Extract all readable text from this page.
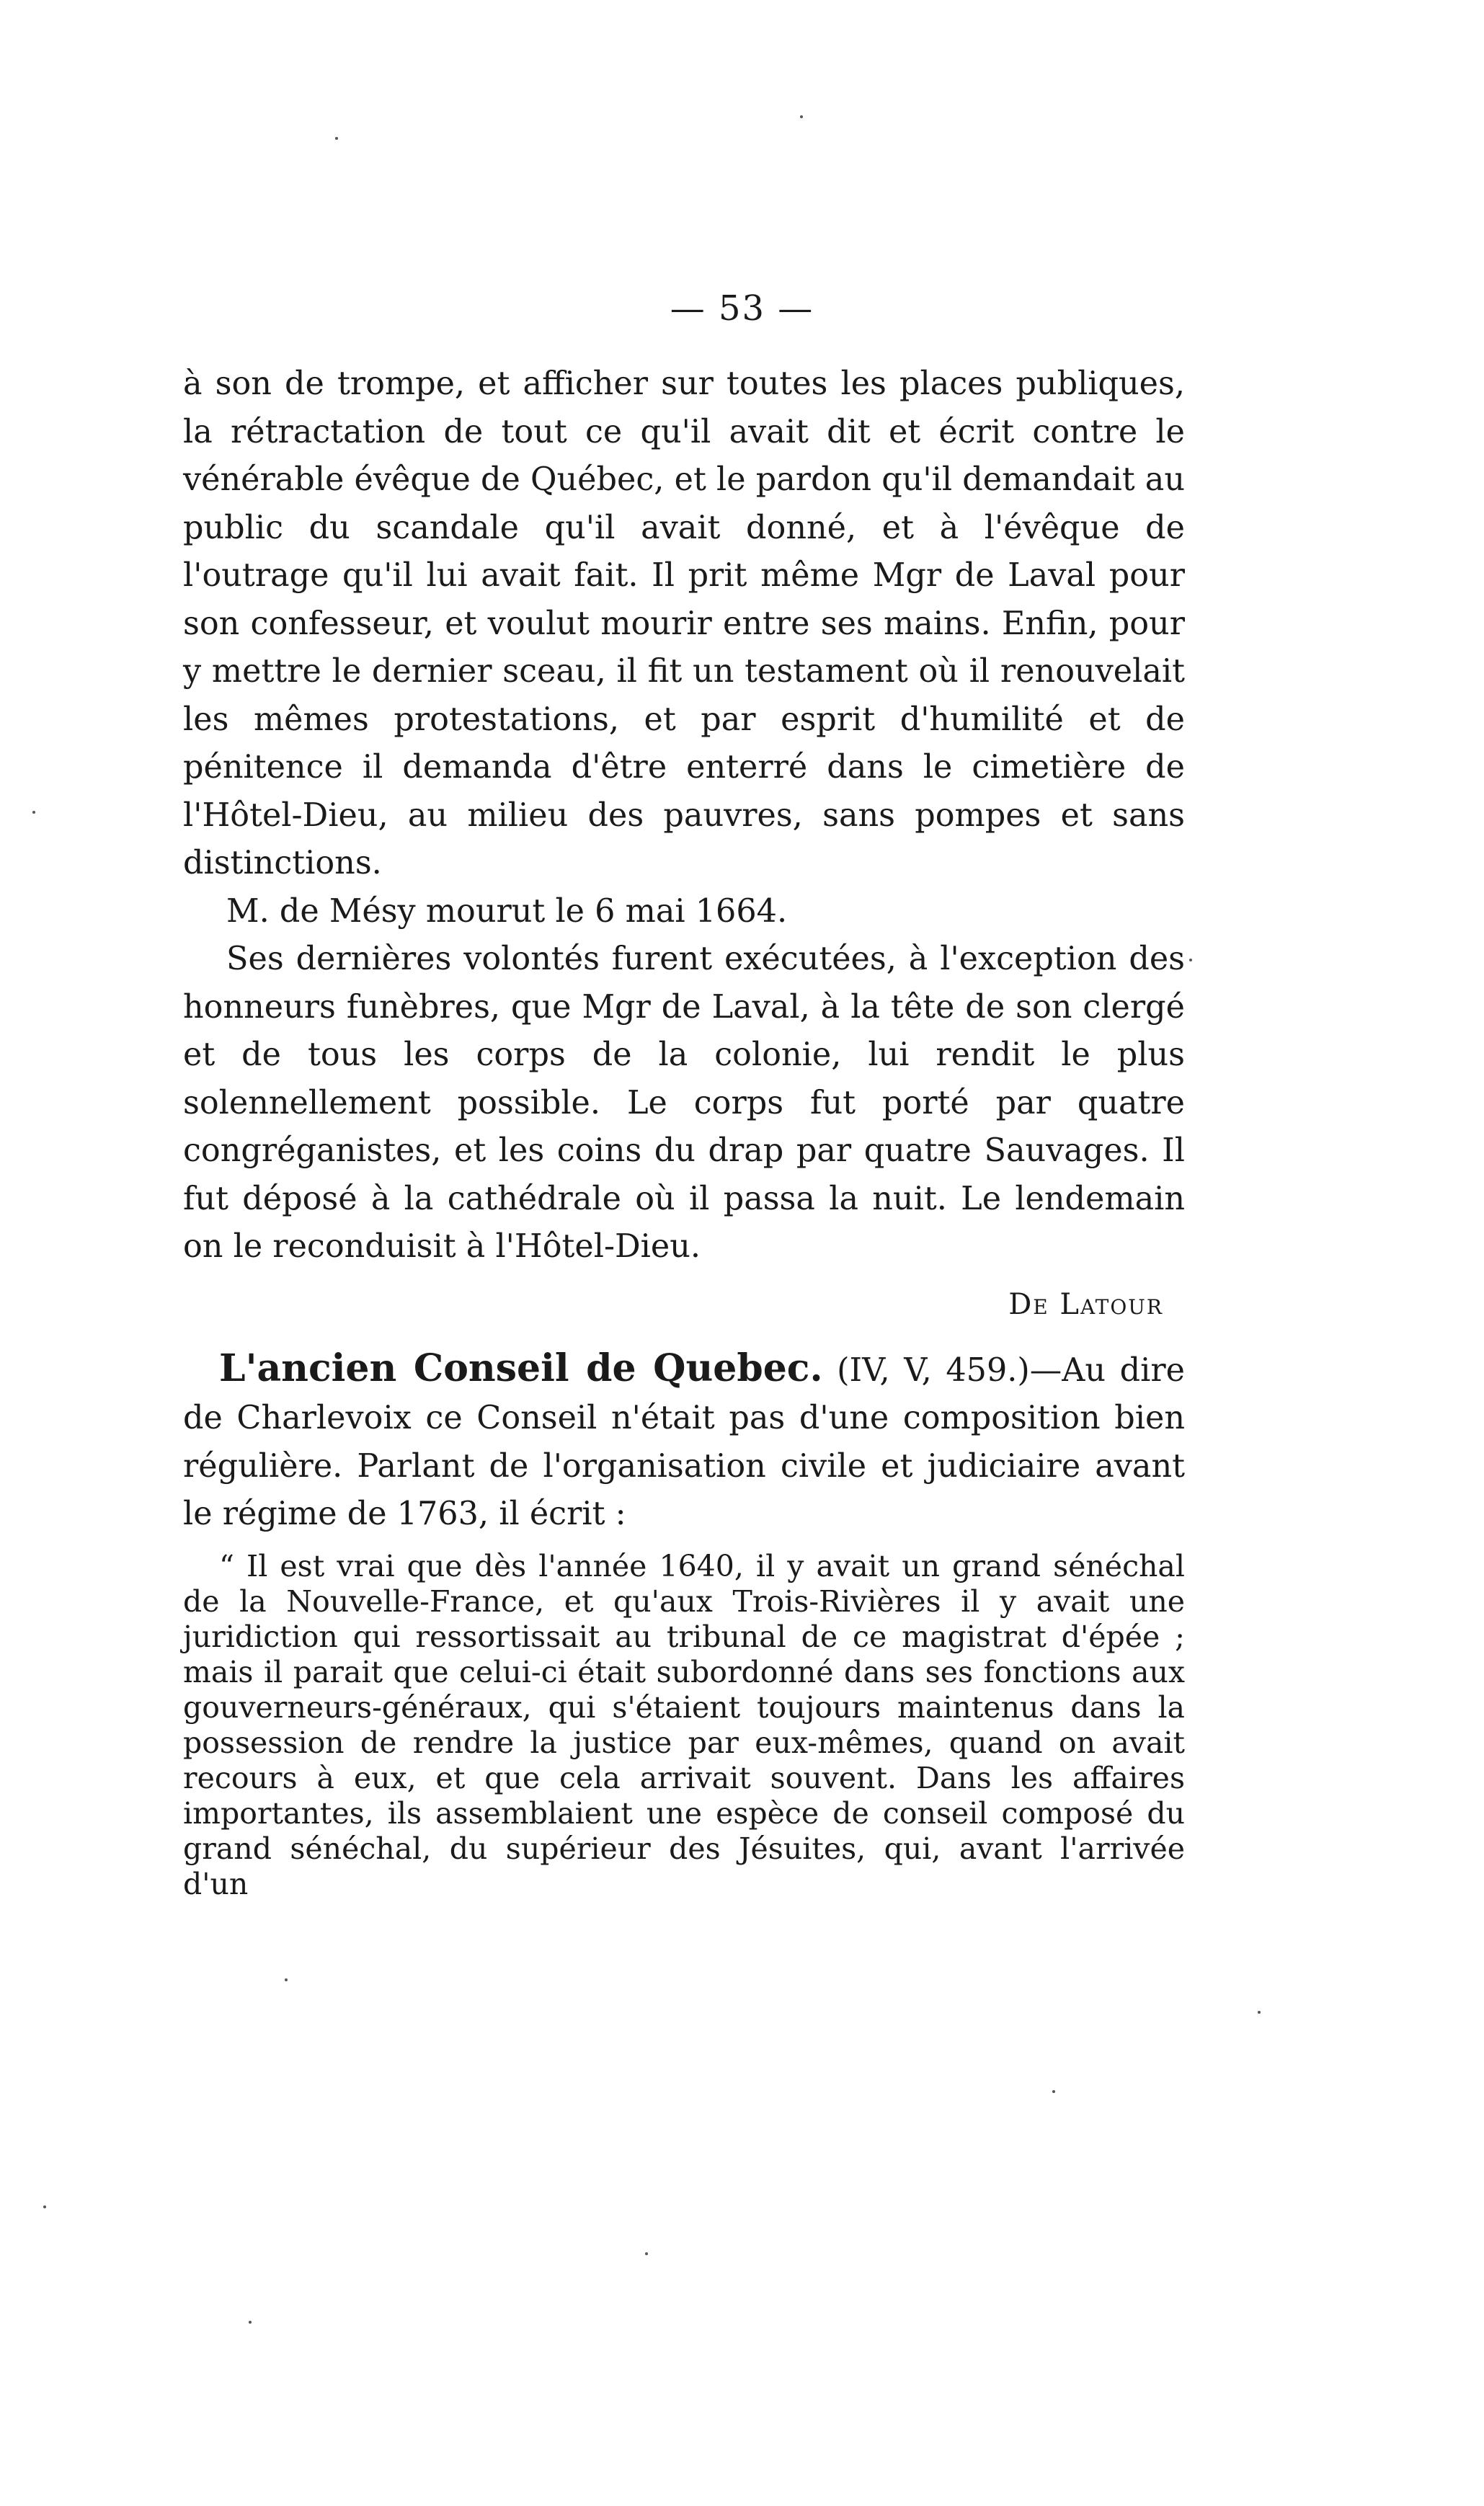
— 53 —

à son de trompe, et afficher sur toutes les places publiques, la rétractation de tout ce qu'il avait dit et écrit contre le vénérable évêque de Québec, et le pardon qu'il demandait au public du scandale qu'il avait donné, et à l'évêque de l'outrage qu'il lui avait fait. Il prit même Mgr de Laval pour son confesseur, et voulut mourir entre ses mains. Enfin, pour y mettre le dernier sceau, il fit un testament où il renouvelait les mêmes protestations, et par esprit d'humilité et de pénitence il demanda d'être enterré dans le cimetière de l'Hôtel-Dieu, au milieu des pauvres, sans pompes et sans distinctions.

M. de Mésy mourut le 6 mai 1664.

Ses dernières volontés furent exécutées, à l'exception des honneurs funèbres, que Mgr de Laval, à la tête de son clergé et de tous les corps de la colonie, lui rendit le plus solennellement possible. Le corps fut porté par quatre congréganistes, et les coins du drap par quatre Sauvages. Il fut déposé à la cathédrale où il passa la nuit. Le lendemain on le reconduisit à l'Hôtel-Dieu.

De Latour

L'ancien Conseil de Quebec. (IV, V, 459.)—Au dire de Charlevoix ce Conseil n'était pas d'une composition bien régulière. Parlant de l'organisation civile et judiciaire avant le régime de 1763, il écrit :

“ Il est vrai que dès l'année 1640, il y avait un grand sénéchal de la Nouvelle-France, et qu'aux Trois-Rivières il y avait une juridiction qui ressortissait au tribunal de ce magistrat d'épée ; mais il parait que celui-ci était subordonné dans ses fonctions aux gouverneurs-généraux, qui s'étaient toujours maintenus dans la possession de rendre la justice par eux-mêmes, quand on avait recours à eux, et que cela arrivait souvent. Dans les affaires importantes, ils assemblaient une espèce de conseil composé du grand sénéchal, du supérieur des Jésuites, qui, avant l'arrivée d'un
